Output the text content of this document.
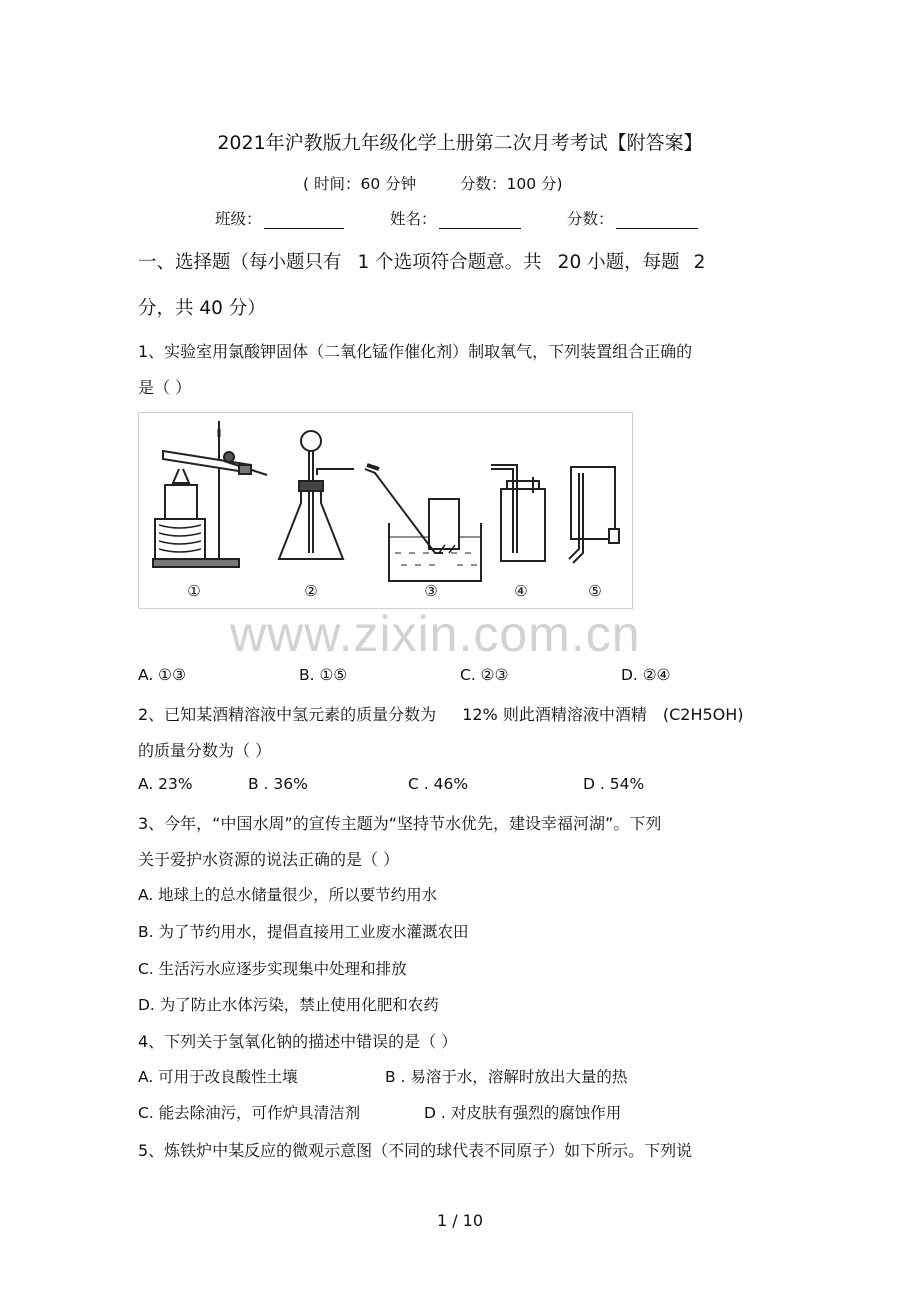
2021年沪教版九年级化学上册第二次月考考试【附答案】
( 时间：60 分钟	分数：100 分)
班级：	姓名：	分数：
一、选择题（每小题只有 1 个选项符合题意。共 20 小题，每题 2
分，共 40 分）
1、实验室用氯酸钾固体（二氧化锰作催化剂）制取氧气，下列装置组合正确的
是（ ）
①	②	③	④	⑤
www.zixin.com.cn
A. ①③	B. ①⑤	C. ②③	D. ②④
2、已知某酒精溶液中氢元素的质量分数为 12% 则此酒精溶液中酒精 (C2H5OH)
的质量分数为（ ）
A. 23%	B . 36%	C . 46%	D . 54%
3、今年，“中国水周”的宣传主题为“坚持节水优先，建设幸福河湖”。下列
关于爱护水资源的说法正确的是（ ）
A. 地球上的总水储量很少，所以要节约用水
B. 为了节约用水，提倡直接用工业废水灌溉农田
C. 生活污水应逐步实现集中处理和排放
D. 为了防止水体污染，禁止使用化肥和农药
4、下列关于氢氧化钠的描述中错误的是（ ）
A. 可用于改良酸性土壤	B . 易溶于水，溶解时放出大量的热
C. 能去除油污，可作炉具清洁剂	D . 对皮肤有强烈的腐蚀作用
5、炼铁炉中某反应的微观示意图（不同的球代表不同原子）如下所示。下列说
1 / 10
